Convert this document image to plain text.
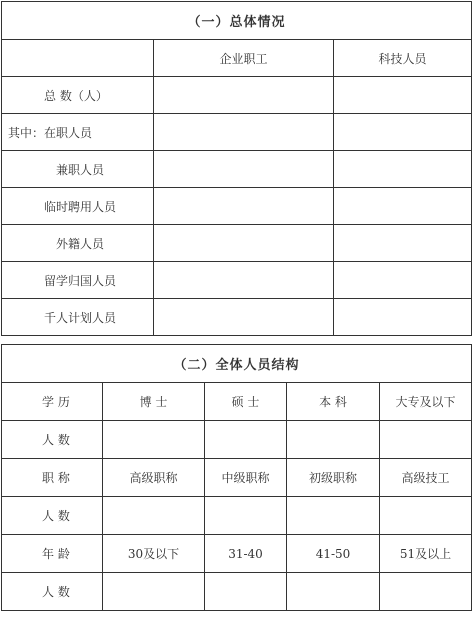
（一）总体情况		
	企业职工	科技人员
总 数（人）		
其中：在职人员		
兼职人员		
临时聘用人员		
外籍人员		
留学归国人员		
千人计划人员		
（二）全体人员结构				
学 历	博 士	硕 士	本 科	大专及以下
人 数				
职 称	高级职称	中级职称	初级职称	高级技工
人 数				
年 龄	30及以下	31-40	41-50	51及以上
人 数				
